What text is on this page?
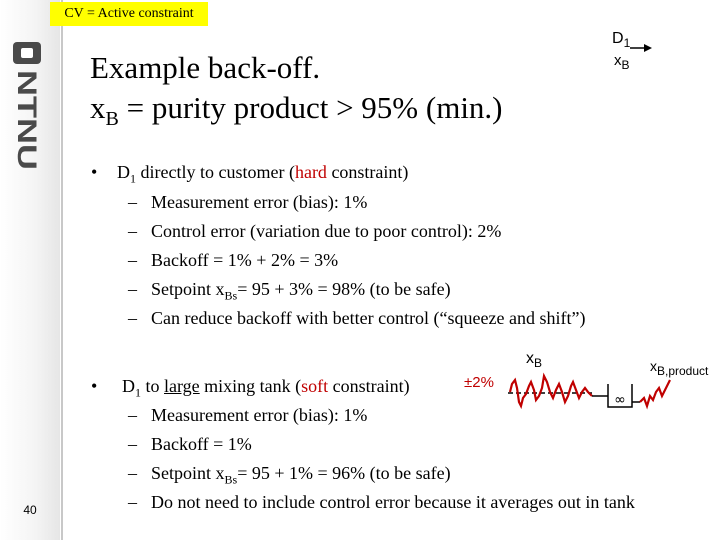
CV = Active constraint
NTNU
40
Example back-off.
$x_B$ = purity product > 95% (min.)
$D_1$
$x_B$
• $D_1$ directly to customer (hard constraint)
– Measurement error (bias): 1%
– Control error (variation due to poor control): 2%
– Backoff = 1% + 2% = 3%
– Setpoint $x_{Bs}= 95 + 3\% = 98\%$ (to be safe)
– Can reduce backoff with better control (“squeeze and shift”)
• $D_1$ to large mixing tank (soft constraint)
– Measurement error (bias): 1%
– Backoff = 1%
– Setpoint $x_{Bs}= 95 + 1\% = 96\%$ (to be safe)
– Do not need to include control error because it averages out in tank
±2%
$x_B$	$x_{B,product}$
∞
